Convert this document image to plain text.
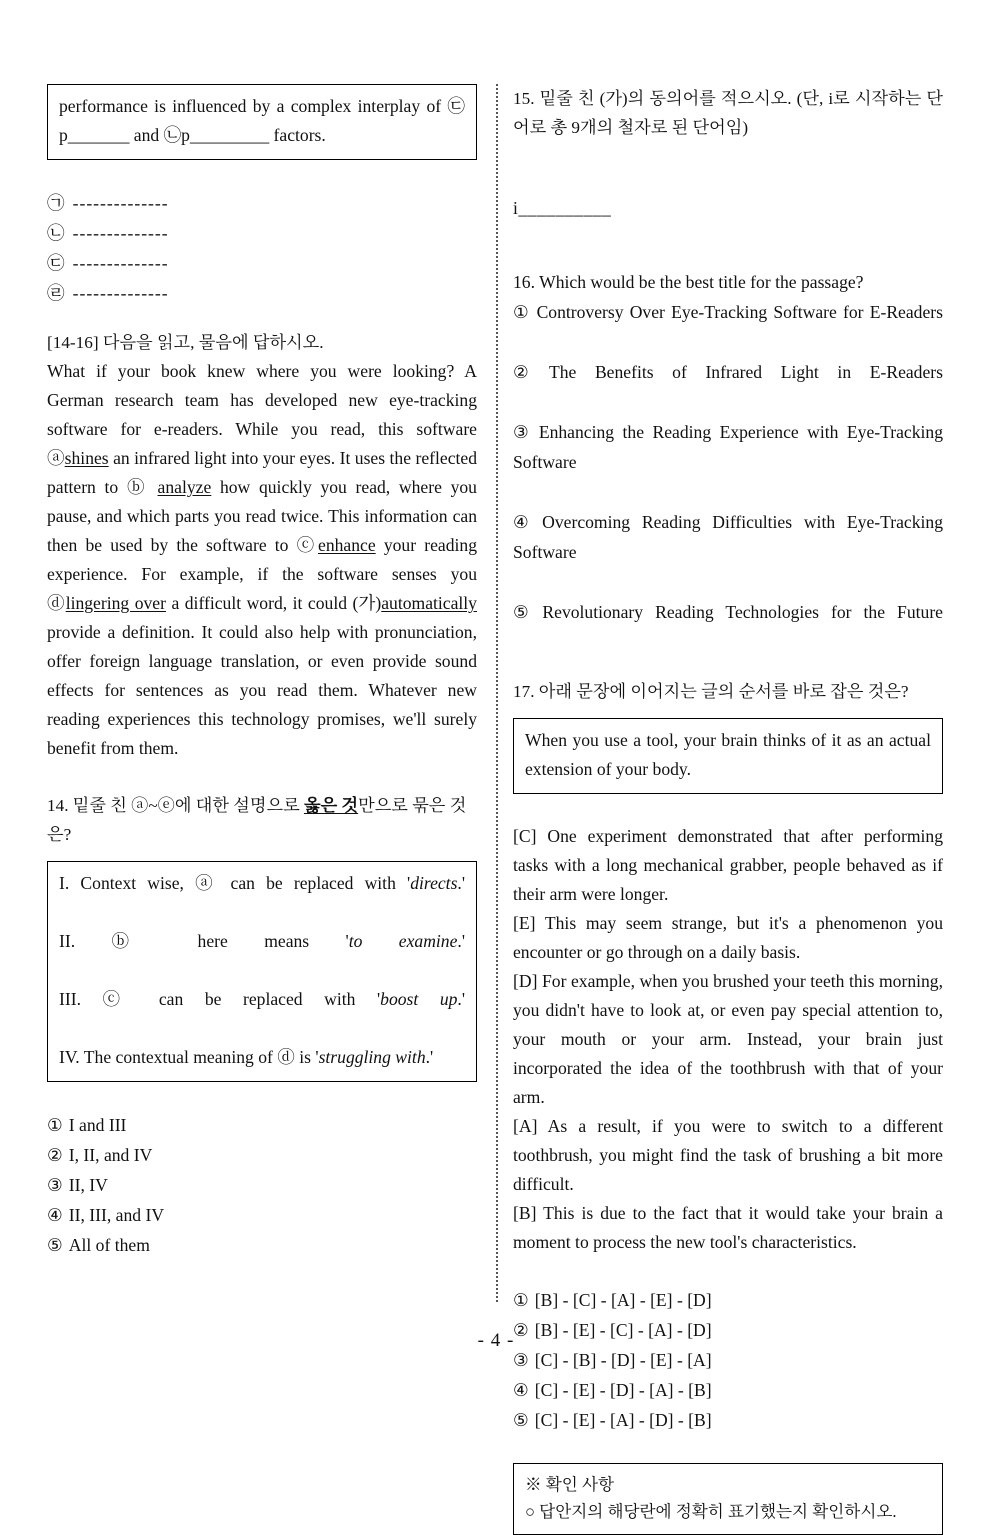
performance is influenced by a complex interplay of ㉢p_______ and ㉡p_________ factors.

㉠ --------------
㉡ --------------
㉢ --------------
㉣ --------------

[14-16] 다음을 읽고, 물음에 답하시오.

What if your book knew where you were looking? A German research team has developed new eye-tracking software for e-readers. While you read, this software ⓐshines an infrared light into your eyes. It uses the reflected pattern to ⓑ analyze how quickly you read, where you pause, and which parts you read twice. This information can then be used by the software to ⓒenhance your reading experience. For example, if the software senses you ⓓlingering over a difficult word, it could (가)automatically provide a definition. It could also help with pronunciation, offer foreign language translation, or even provide sound effects for sentences as you read them. Whatever new reading experiences this technology promises, we'll surely benefit from them.

14. 밑줄 친 ⓐ~ⓔ에 대한 설명으로 옳은 것만으로 묶은 것은?

I. Context wise, ⓐ can be replaced with 'directs.'
II. ⓑ here means 'to examine.'
III. ⓒ can be replaced with 'boost up.'
IV. The contextual meaning of ⓓ is 'struggling with.'
① I and III
② I, II, and IV
③ II, IV
④ II, III, and IV
⑤ All of them

15. 밑줄 친 (가)의 동의어를 적으시오. (단, i로 시작하는 단어로 총 9개의 철자로 된 단어임)

i__________

16. Which would be the best title for the passage?

① Controversy Over Eye-Tracking Software for E-Readers
② The Benefits of Infrared Light in E-Readers
③ Enhancing the Reading Experience with Eye-Tracking Software
④ Overcoming Reading Difficulties with Eye-Tracking Software
⑤ Revolutionary Reading Technologies for the Future

17. 아래 문장에 이어지는 글의 순서를 바로 잡은 것은?

When you use a tool, your brain thinks of it as an actual extension of your body.

[C] One experiment demonstrated that after performing tasks with a long mechanical grabber, people behaved as if their arm were longer.

[E] This may seem strange, but it's a phenomenon you encounter or go through on a daily basis.

[D] For example, when you brushed your teeth this morning, you didn't have to look at, or even pay special attention to, your mouth or your arm. Instead, your brain just incorporated the idea of the toothbrush with that of your arm.

[A] As a result, if you were to switch to a different toothbrush, you might find the task of brushing a bit more difficult.

[B] This is due to the fact that it would take your brain a moment to process the new tool's characteristics.

① [B] - [C] - [A] - [E] - [D]
② [B] - [E] - [C] - [A] - [D]
③ [C] - [B] - [D] - [E] - [A]
④ [C] - [E] - [D] - [A] - [B]
⑤ [C] - [E] - [A] - [D] - [B]

※ 확인 사항

○ 답안지의 해당란에 정확히 표기했는지 확인하시오.

- 4 -
